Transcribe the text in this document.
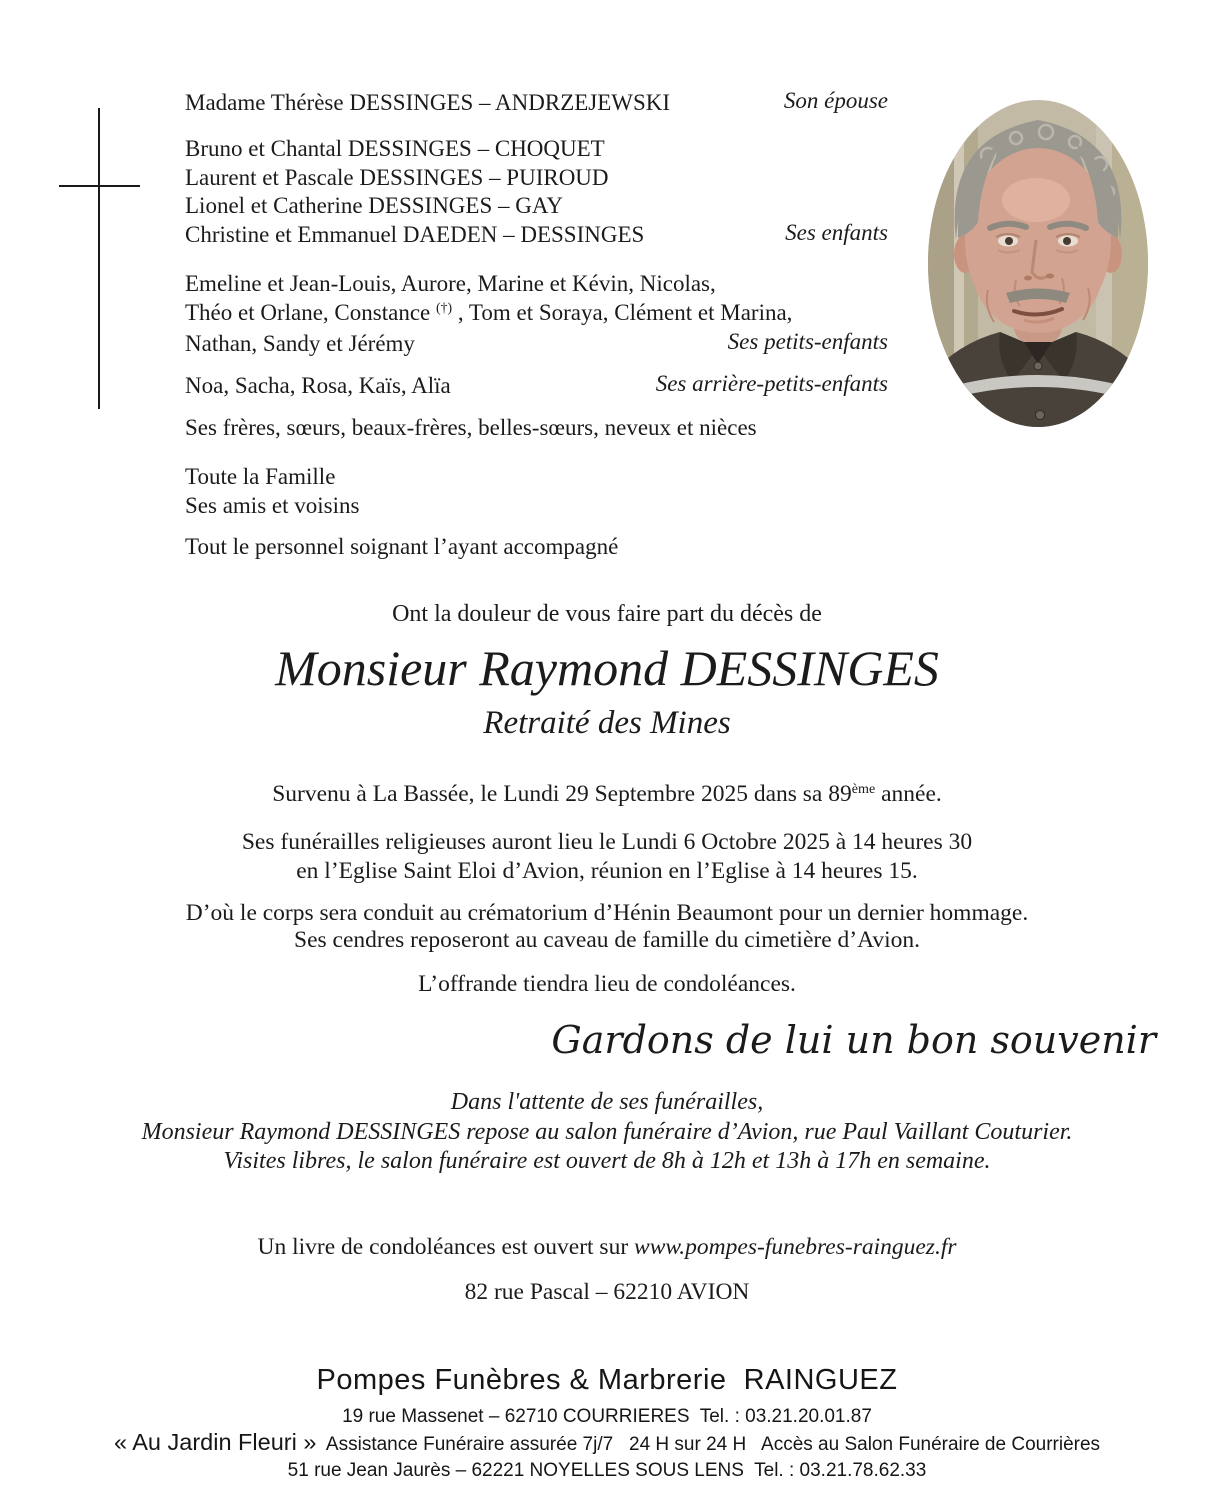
Madame Thérèse DESSINGES – ANDRZEJEWSKI	Son épouse
Bruno et Chantal DESSINGES – CHOQUET
Laurent et Pascale DESSINGES – PUIROUD
Lionel et Catherine DESSINGES – GAY
Christine et Emmanuel DAEDEN – DESSINGES	Ses enfants
Emeline et Jean-Louis, Aurore, Marine et Kévin, Nicolas,
Théo et Orlane, Constance (†) , Tom et Soraya, Clément et Marina,
Nathan, Sandy et Jérémy	Ses petits-enfants
Noa, Sacha, Rosa, Kaïs, Alïa	Ses arrière-petits-enfants
Ses frères, sœurs, beaux-frères, belles-sœurs, neveux et nièces
Toute la Famille
Ses amis et voisins
Tout le personnel soignant l’ayant accompagné
Ont la douleur de vous faire part du décès de
Monsieur Raymond DESSINGES
Retraité des Mines
Survenu à La Bassée, le Lundi 29 Septembre 2025 dans sa 89ème année.
Ses funérailles religieuses auront lieu le Lundi 6 Octobre 2025 à 14 heures 30
en l’Eglise Saint Eloi d’Avion, réunion en l’Eglise à 14 heures 15.
D’où le corps sera conduit au crématorium d’Hénin Beaumont pour un dernier hommage.
Ses cendres reposeront au caveau de famille du cimetière d’Avion.
L’offrande tiendra lieu de condoléances.
Gardons de lui un bon souvenir
Dans l'attente de ses funérailles,
Monsieur Raymond DESSINGES repose au salon funéraire d’Avion, rue Paul Vaillant Couturier.
Visites libres, le salon funéraire est ouvert de 8h à 12h et 13h à 17h en semaine.
Un livre de condoléances est ouvert sur www.pompes-funebres-rainguez.fr
82 rue Pascal – 62210 AVION
Pompes Funèbres & Marbrerie  RAINGUEZ
19 rue Massenet – 62710 COURRIERES  Tel. : 03.21.20.01.87
« Au Jardin Fleuri »  Assistance Funéraire assurée 7j/7   24 H sur 24 H   Accès au Salon Funéraire de Courrières
51 rue Jean Jaurès – 62221 NOYELLES SOUS LENS  Tel. : 03.21.78.62.33
